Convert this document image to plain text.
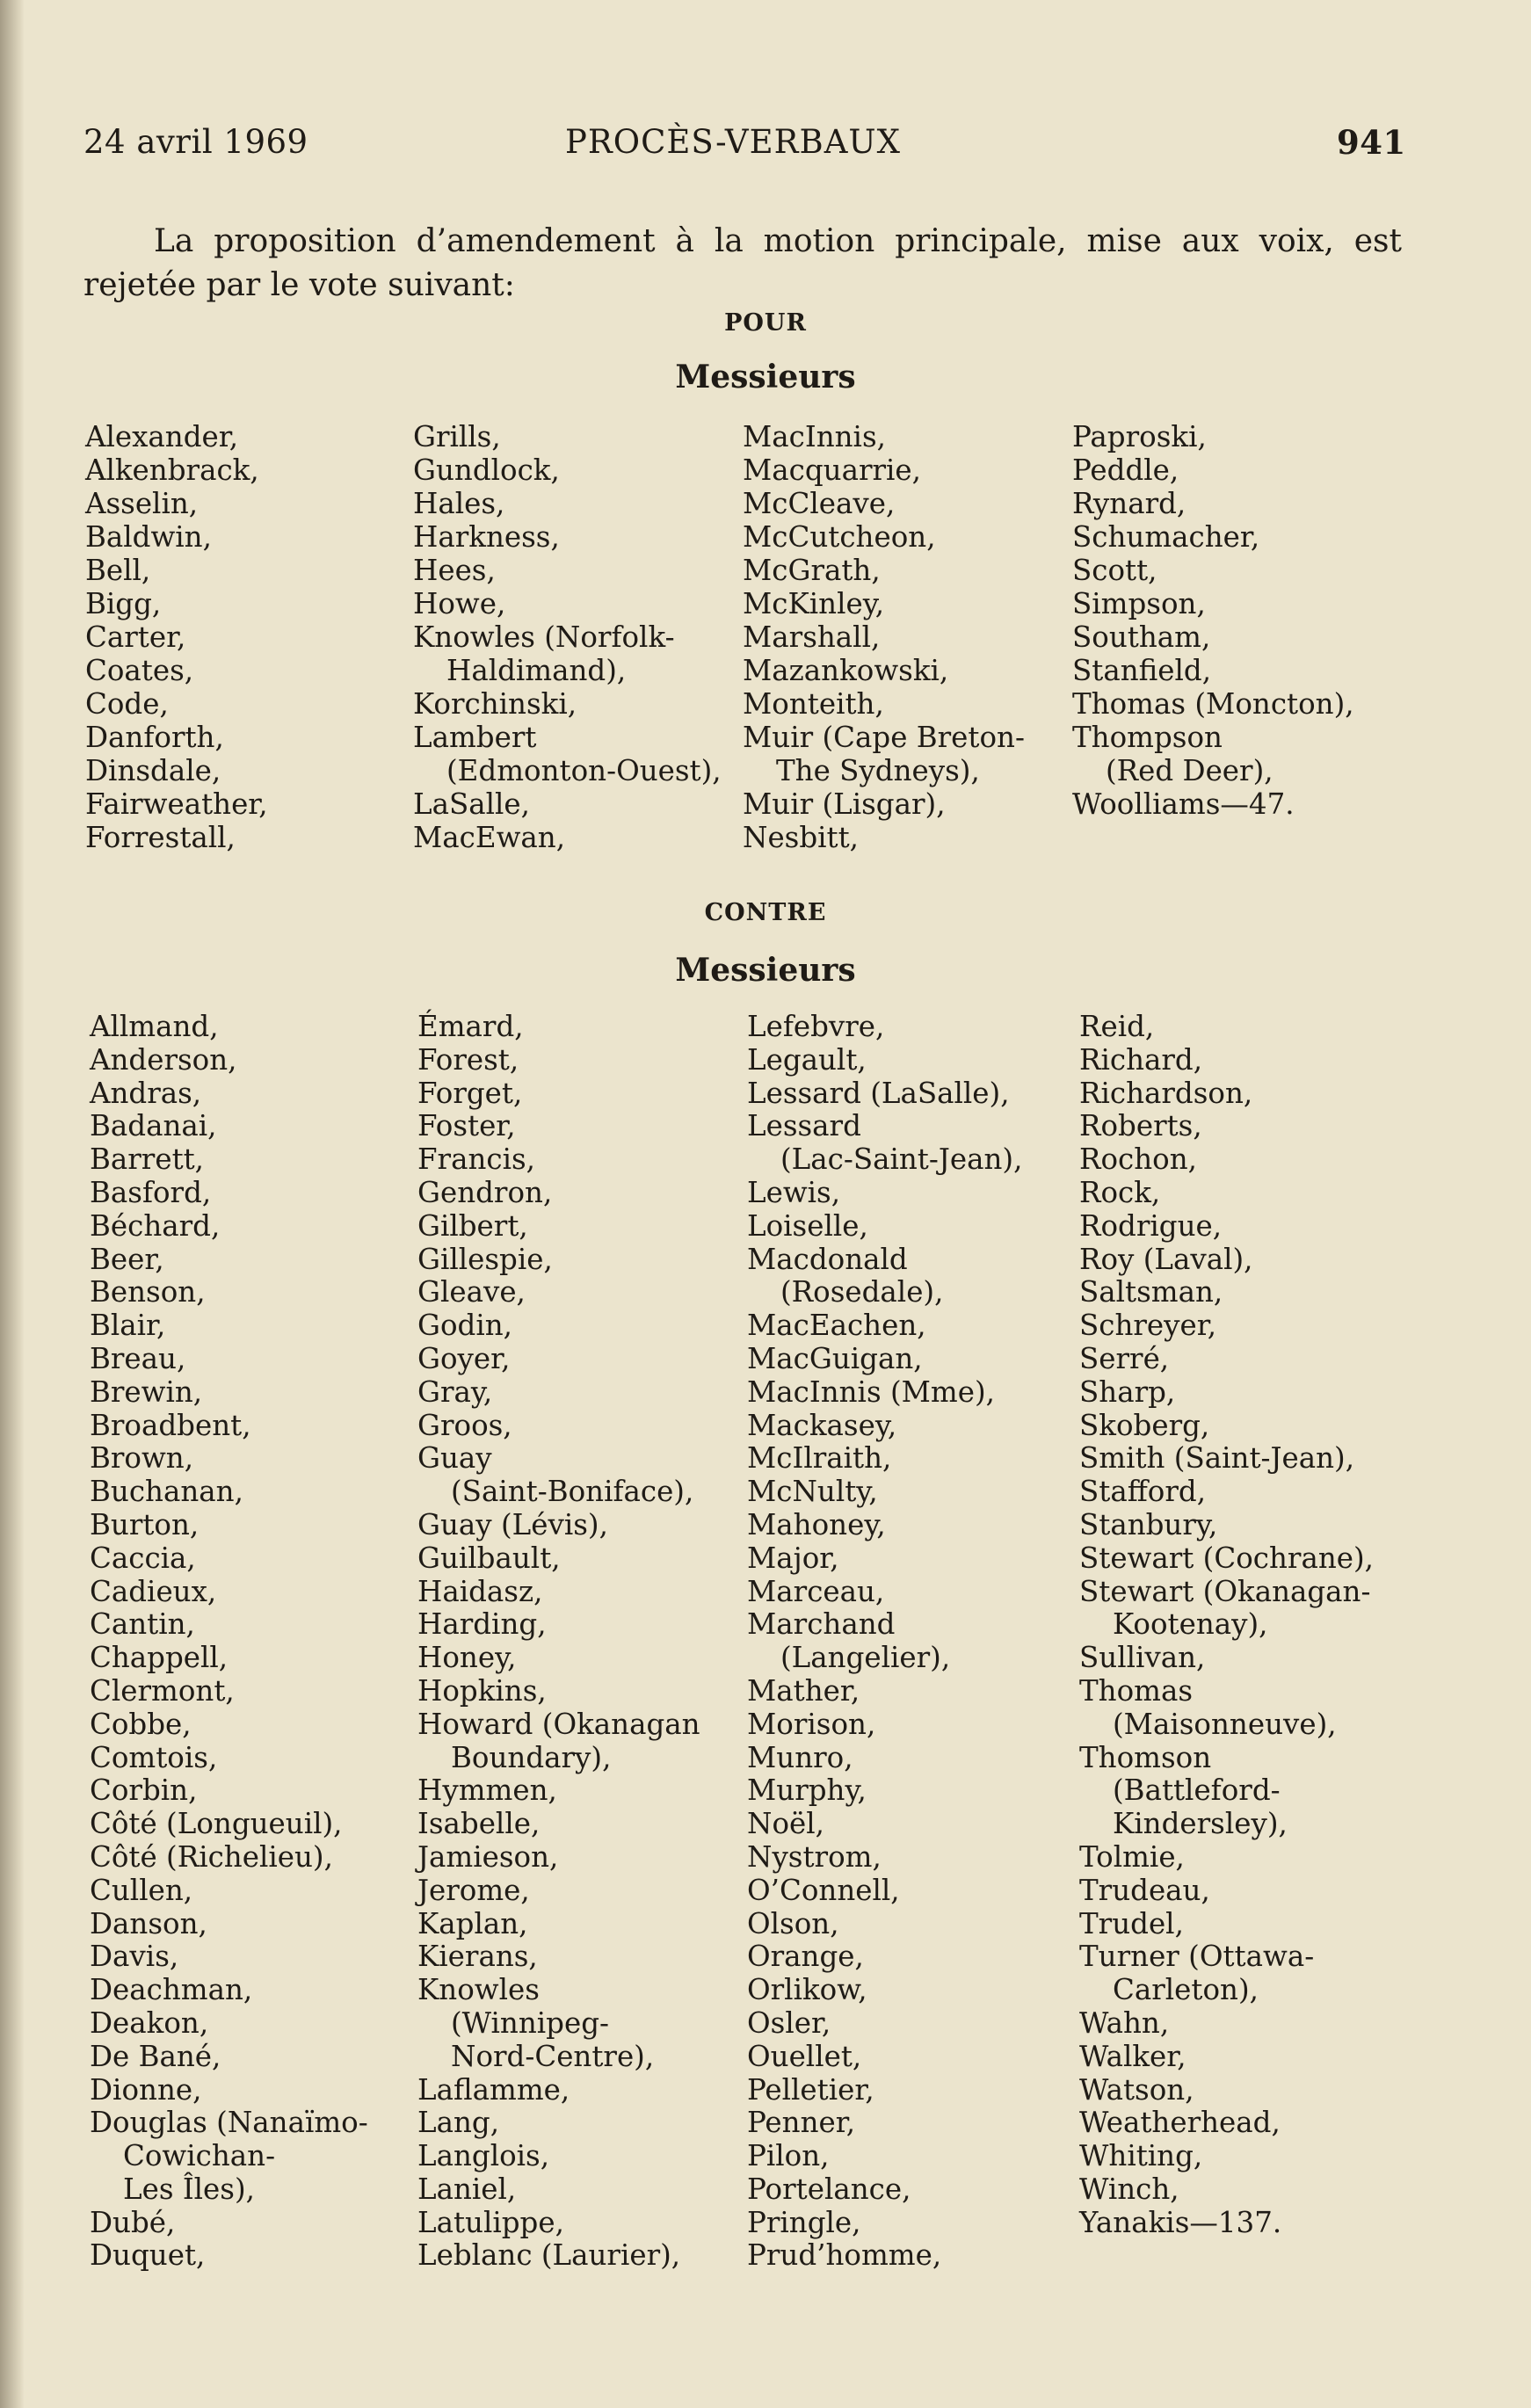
24 avril 1969	PROCÈS-VERBAUX	941
La proposition d’amendement à la motion principale, mise aux voix, est
rejetée par le vote suivant:
POUR
Messieurs
Alexander,
Alkenbrack,
Asselin,
Baldwin,
Bell,
Bigg,
Carter,
Coates,
Code,
Danforth,
Dinsdale,
Fairweather,
Forrestall,
Grills,
Gundlock,
Hales,
Harkness,
Hees,
Howe,
Knowles (Norfolk-
Haldimand),
Korchinski,
Lambert
(Edmonton-Ouest),
LaSalle,
MacEwan,
MacInnis,
Macquarrie,
McCleave,
McCutcheon,
McGrath,
McKinley,
Marshall,
Mazankowski,
Monteith,
Muir (Cape Breton-
The Sydneys),
Muir (Lisgar),
Nesbitt,
Paproski,
Peddle,
Rynard,
Schumacher,
Scott,
Simpson,
Southam,
Stanfield,
Thomas (Moncton),
Thompson
(Red Deer),
Woolliams—47.
CONTRE
Messieurs
Allmand,
Anderson,
Andras,
Badanai,
Barrett,
Basford,
Béchard,
Beer,
Benson,
Blair,
Breau,
Brewin,
Broadbent,
Brown,
Buchanan,
Burton,
Caccia,
Cadieux,
Cantin,
Chappell,
Clermont,
Cobbe,
Comtois,
Corbin,
Côté (Longueuil),
Côté (Richelieu),
Cullen,
Danson,
Davis,
Deachman,
Deakon,
De Bané,
Dionne,
Douglas (Nanaïmo-
Cowichan-
Les Îles),
Dubé,
Duquet,
Émard,
Forest,
Forget,
Foster,
Francis,
Gendron,
Gilbert,
Gillespie,
Gleave,
Godin,
Goyer,
Gray,
Groos,
Guay
(Saint-Boniface),
Guay (Lévis),
Guilbault,
Haidasz,
Harding,
Honey,
Hopkins,
Howard (Okanagan
Boundary),
Hymmen,
Isabelle,
Jamieson,
Jerome,
Kaplan,
Kierans,
Knowles
(Winnipeg-
Nord-Centre),
Laflamme,
Lang,
Langlois,
Laniel,
Latulippe,
Leblanc (Laurier),
Lefebvre,
Legault,
Lessard (LaSalle),
Lessard
(Lac-Saint-Jean),
Lewis,
Loiselle,
Macdonald
(Rosedale),
MacEachen,
MacGuigan,
MacInnis (Mme),
Mackasey,
McIlraith,
McNulty,
Mahoney,
Major,
Marceau,
Marchand
(Langelier),
Mather,
Morison,
Munro,
Murphy,
Noël,
Nystrom,
O’Connell,
Olson,
Orange,
Orlikow,
Osler,
Ouellet,
Pelletier,
Penner,
Pilon,
Portelance,
Pringle,
Prud’homme,
Reid,
Richard,
Richardson,
Roberts,
Rochon,
Rock,
Rodrigue,
Roy (Laval),
Saltsman,
Schreyer,
Serré,
Sharp,
Skoberg,
Smith (Saint-Jean),
Stafford,
Stanbury,
Stewart (Cochrane),
Stewart (Okanagan-
Kootenay),
Sullivan,
Thomas
(Maisonneuve),
Thomson
(Battleford-
Kindersley),
Tolmie,
Trudeau,
Trudel,
Turner (Ottawa-
Carleton),
Wahn,
Walker,
Watson,
Weatherhead,
Whiting,
Winch,
Yanakis—137.
